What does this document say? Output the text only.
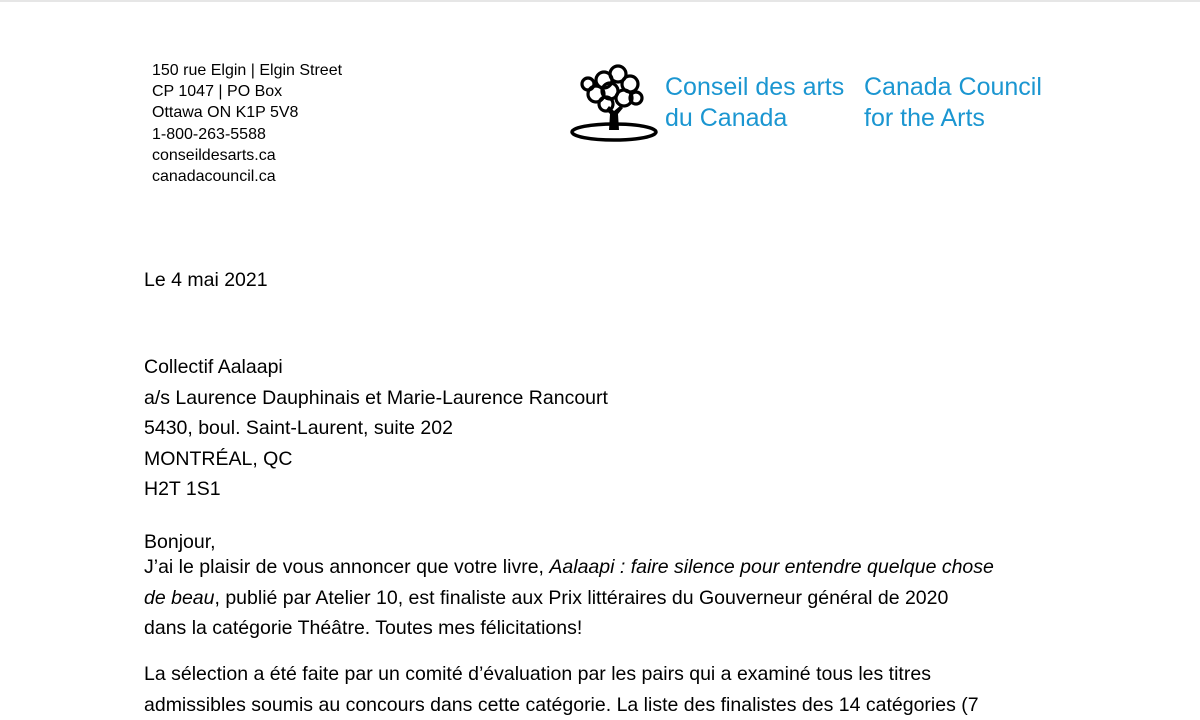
150 rue Elgin | Elgin Street
CP 1047 | PO Box
Ottawa ON K1P 5V8
1-800-263-5588
conseildesarts.ca
canadacouncil.ca
Conseil des arts
du Canada
Canada Council
for the Arts
Le 4 mai 2021
Collectif Aalaapi
a/s Laurence Dauphinais et Marie-Laurence Rancourt
5430, boul. Saint-Laurent, suite 202
MONTRÉAL, QC
H2T 1S1
Bonjour,
J’ai le plaisir de vous annoncer que votre livre, Aalaapi : faire silence pour entendre quelque chose
de beau , publié par Atelier 10, est finaliste aux Prix littéraires du Gouverneur général de 2020
dans la catégorie Théâtre. Toutes mes félicitations!
La sélection a été faite par un comité d’évaluation par les pairs qui a examiné tous les titres
admissibles soumis au concours dans cette catégorie. La liste des finalistes des 14 catégories (7
